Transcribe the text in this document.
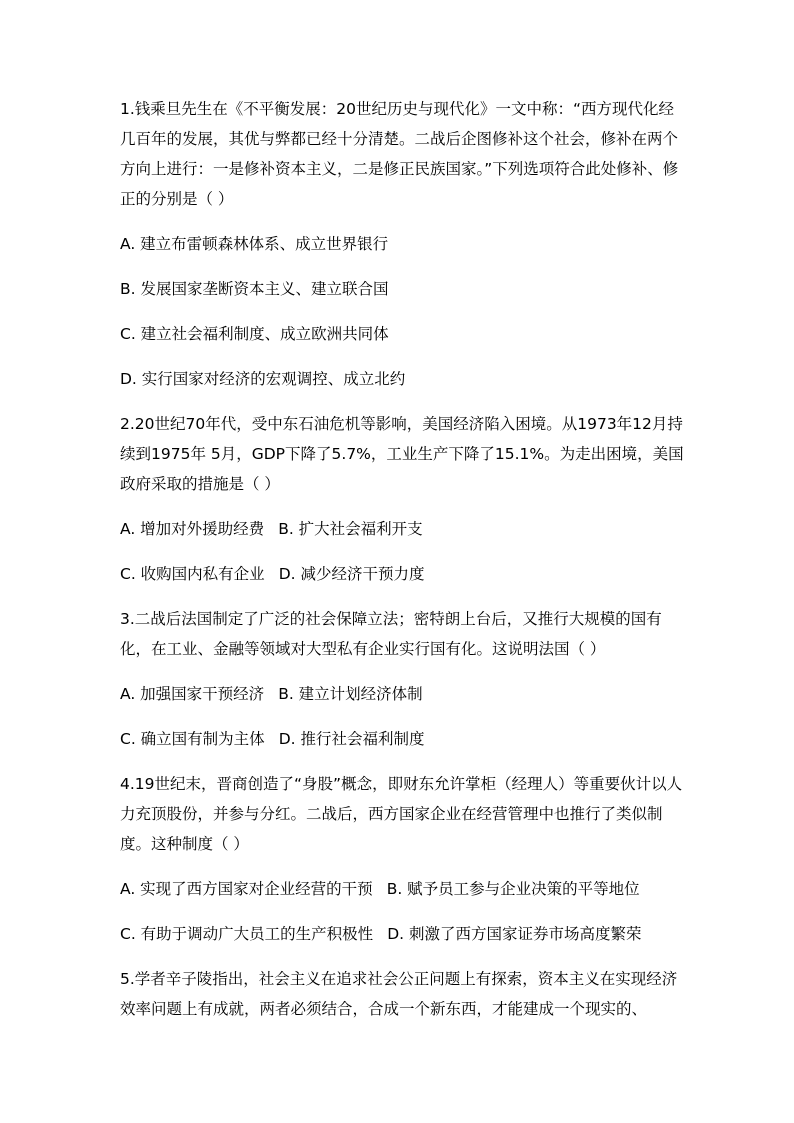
1.钱乘旦先生在《不平衡发展：20世纪历史与现代化》一文中称：“西方现代化经几百年的发展，其优与弊都已经十分清楚。二战后企图修补这个社会，修补在两个方向上进行：一是修补资本主义，二是修正民族国家。”下列选项符合此处修补、修正的分别是（ ）

A. 建立布雷顿森林体系、成立世界银行

B. 发展国家垄断资本主义、建立联合国

C. 建立社会福利制度、成立欧洲共同体

D. 实行国家对经济的宏观调控、成立北约

2.20世纪70年代，受中东石油危机等影响，美国经济陷入困境。从1973年12月持续到1975年 5月，GDP下降了5.7%，工业生产下降了15.1%。为走出困境，美国政府采取的措施是（ ）

A. 增加对外援助经费 B. 扩大社会福利开支

C. 收购国内私有企业 D. 减少经济干预力度

3.二战后法国制定了广泛的社会保障立法；密特朗上台后，又推行大规模的国有化，在工业、金融等领域对大型私有企业实行国有化。这说明法国（ ）

A. 加强国家干预经济 B. 建立计划经济体制

C. 确立国有制为主体 D. 推行社会福利制度

4.19世纪末，晋商创造了“身股”概念，即财东允许掌柜（经理人）等重要伙计以人力充顶股份，并参与分红。二战后，西方国家企业在经营管理中也推行了类似制度。这种制度（ ）

A. 实现了西方国家对企业经营的干预 B. 赋予员工参与企业决策的平等地位

C. 有助于调动广大员工的生产积极性 D. 刺激了西方国家证券市场高度繁荣

5.学者辛子陵指出，社会主义在追求社会公正问题上有探索，资本主义在实现经济效率问题上有成就，两者必须结合，合成一个新东西，才能建成一个现实的、
